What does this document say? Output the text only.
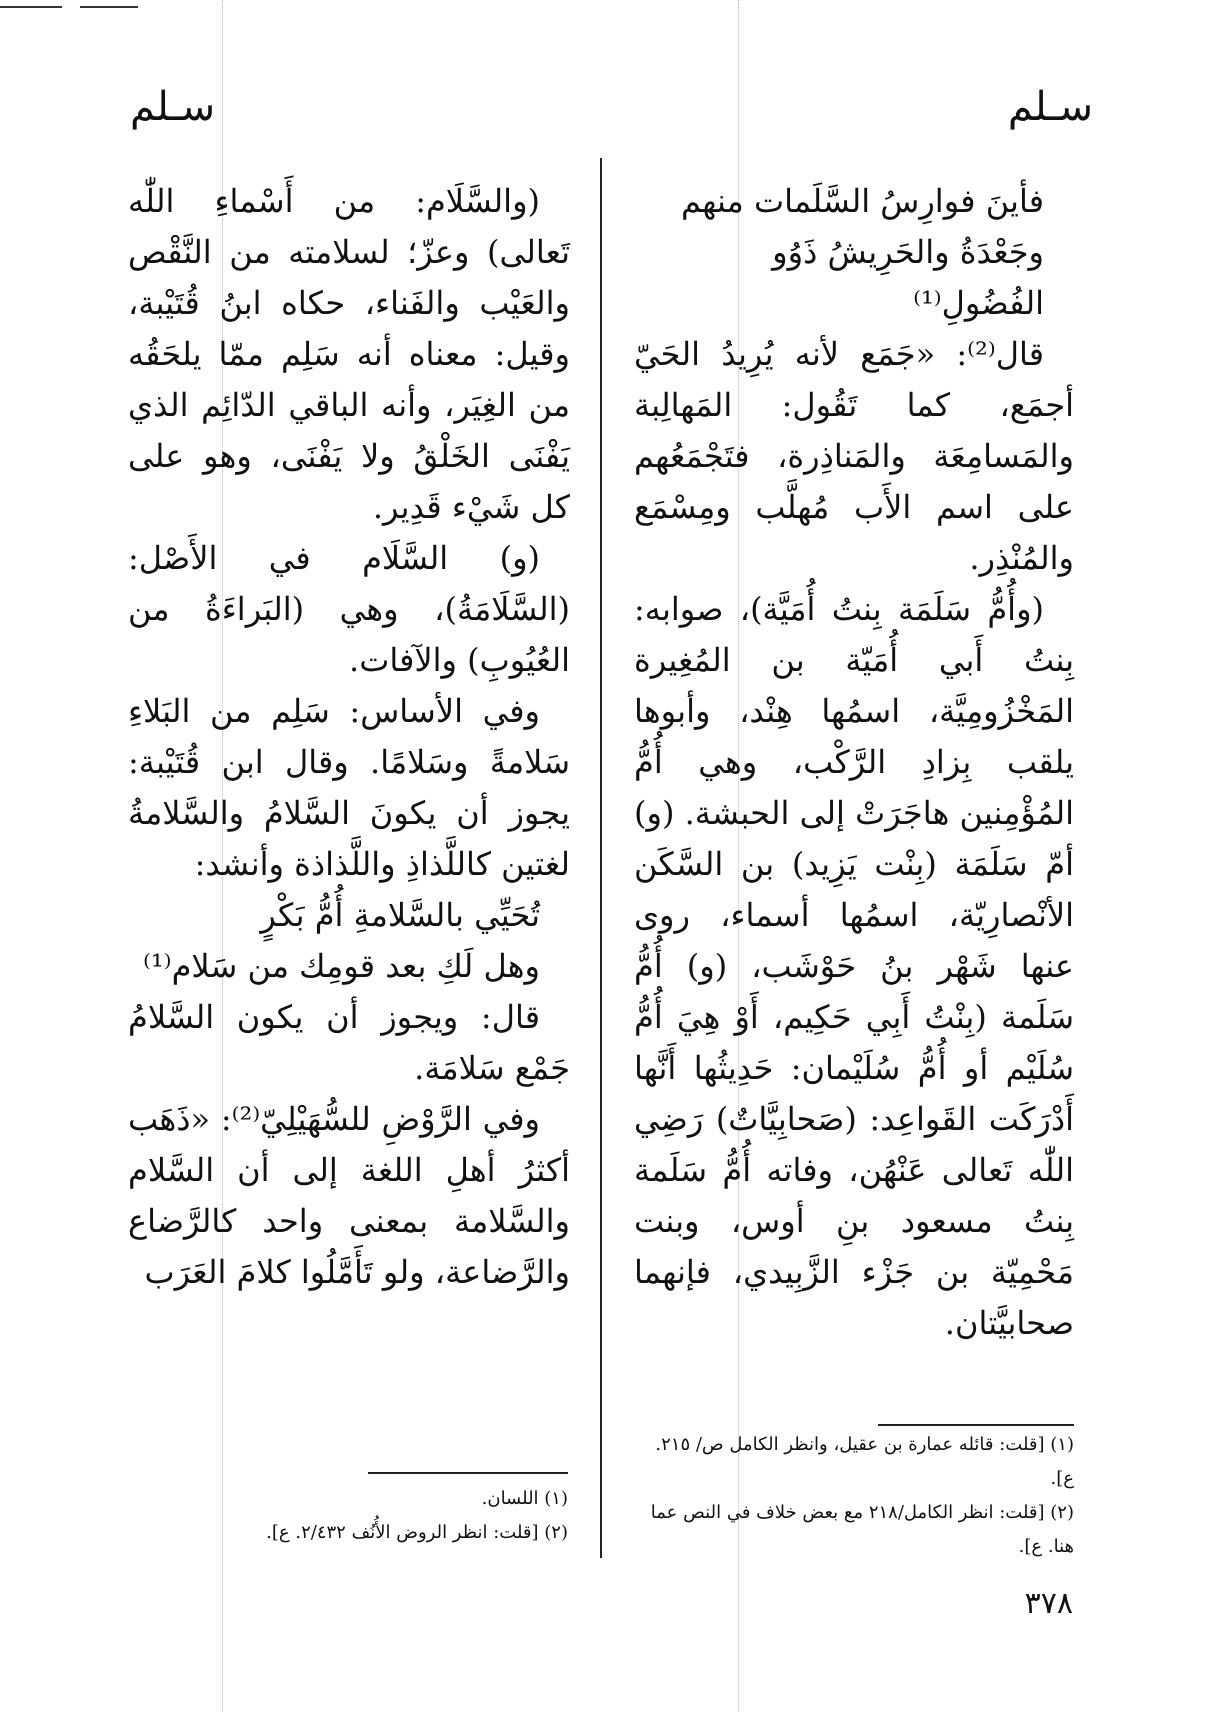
سـلم	سـلم

فأينَ فوارِسُ السَّلَمات منهم

وجَعْدَةُ والحَرِيشُ ذَوُو الفُضُولِ⁽¹⁾

قال⁽²⁾: «جَمَع لأنه يُرِيدُ الحَيّ أجمَع، كما تَقُول: المَهالِبة والمَسامِعَة والمَناذِرة، فتَجْمَعُهم على اسم الأَب مُهلَّب ومِسْمَع والمُنْذِر.

(وأُمُّ سَلَمَة بِنتُ أُمَيَّة)، صوابه: بِنتُ أَبي أُمَيّة بن المُغِيرة المَخْزُومِيَّة، اسمُها هِنْد، وأبوها يلقب بِزادِ الرَّكْب، وهي أُمُّ المُؤْمِنين هاجَرَتْ إلى الحبشة. (و) أمّ سَلَمَة (بِنْت يَزِيد) بن السَّكَن الأنْصارِيّة، اسمُها أسماء، روى عنها شَهْر بنُ حَوْشَب، (و) أُمُّ سَلَمة (بِنْتُ أَبِي حَكِيم، أَوْ هِيَ أُمُّ سُلَيْم أو أُمُّ سُلَيْمان: حَدِيثُها أَنَّها أَدْرَكَت القَواعِد: (صَحابِيَّاتٌ) رَضِي اللّٰه تَعالى عَنْهُن، وفاته أُمُّ سَلَمة بِنتُ مسعود بنِ أوس، وبنت مَحْمِيّة بن جَزْء الزَّبِيدي، فإنهما صحابيَّتان.

(والسَّلَام: من أَسْماءِ اللّٰه تَعالى) وعزّ؛ لسلامته من النَّقْص والعَيْب والفَناء، حكاه ابنُ قُتَيْبة، وقيل: معناه أنه سَلِم ممّا يلحَقُه من الغِيَر، وأنه الباقي الدّائِم الذي يَفْنَى الخَلْقُ ولا يَفْنَى، وهو على كل شَيْء قَدِير.

(و) السَّلَام في الأَصْل: (السَّلَامَةُ)، وهي (البَراءَةُ من العُيُوبِ) والآفات.

وفي الأساس: سَلِم من البَلاءِ سَلامةً وسَلامًا. وقال ابن قُتَيْبة: يجوز أن يكونَ السَّلامُ والسَّلامةُ لغتين كاللَّذاذِ واللَّذاذة وأنشد:

تُحَيِّي بالسَّلامةِ أُمُّ بَكْرٍ

وهل لَكِ بعد قومِك من سَلام⁽¹⁾

قال: ويجوز أن يكون السَّلامُ جَمْع سَلامَة.

وفي الرَّوْضِ للسُّهَيْلِيّ⁽²⁾: «ذَهَب أكثرُ أهلِ اللغة إلى أن السَّلام والسَّلامة بمعنى واحد كالرَّضاع والرَّضاعة، ولو تَأَمَّلُوا كلامَ العَرَب

(١) [قلت: قائله عمارة بن عقيل، وانظر الكامل ص/ ٢١٥. ع].

(٢) [قلت: انظر الكامل/٢١٨ مع بعض خلاف في النص عما هنا. ع].

(١) اللسان.

(٢) [قلت: انظر الروض الأُنُف ٢/٤٣٢. ع].

٣٧٨
